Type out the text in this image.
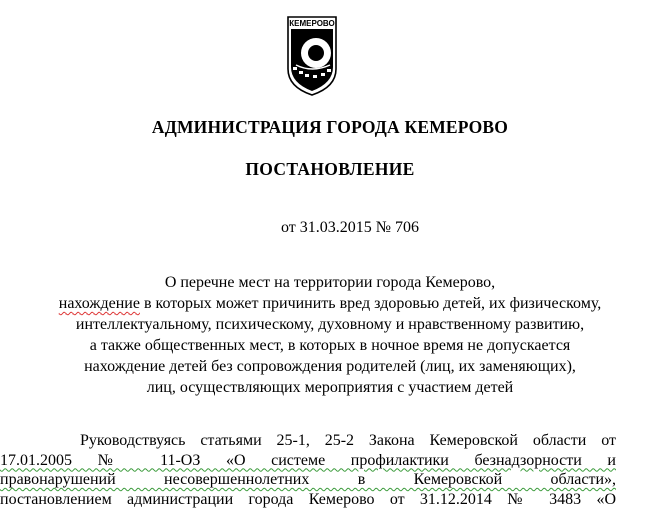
КЕМЕРОВО
АДМИНИСТРАЦИЯ ГОРОДА КЕМЕРОВО
ПОСТАНОВЛЕНИЕ
от 31.03.2015 № 706
О перечне мест на территории города Кемерово,
нахождение в которых может причинить вред здоровью детей, их физическому,
интеллектуальному, психическому, духовному и нравственному развитию,
а также общественных мест, в которых в ночное время не допускается
нахождение детей без сопровождения родителей (лиц, их заменяющих),
лиц, осуществляющих мероприятия с участием детей
Руководствуясь статьями 25-1, 25-2 Закона Кемеровской области от
17.01.2005 № 11-ОЗ «О системе профилактики безнадзорности и
правонарушений несовершеннолетних в Кемеровской области»,
постановлением администрации города Кемерово от 31.12.2014 № 3483 «О
